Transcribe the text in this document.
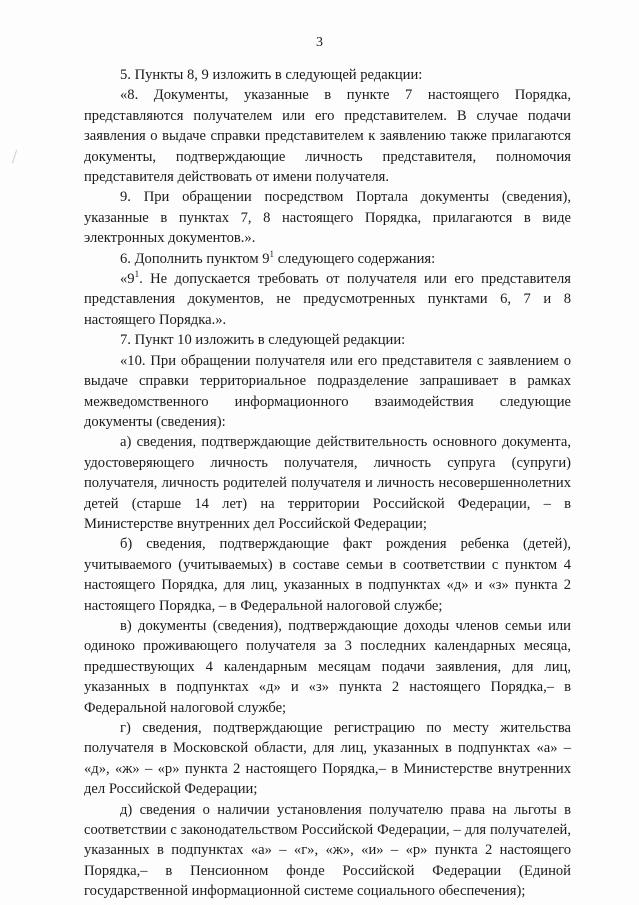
3

5. Пункты 8, 9 изложить в следующей редакции:

«8. Документы, указанные в пункте 7 настоящего Порядка, представляются получателем или его представителем. В случае подачи заявления о выдаче справки представителем к заявлению также прилагаются документы, подтверждающие личность представителя, полномочия представителя действовать от имени получателя.

9. При обращении посредством Портала документы (сведения), указанные в пунктах 7, 8 настоящего Порядка, прилагаются в виде электронных документов.».

6. Дополнить пунктом $9^1$ следующего содержания:

«$9^1$. Не допускается требовать от получателя или его представителя представления документов, не предусмотренных пунктами 6, 7 и 8 настоящего Порядка.».

7. Пункт 10 изложить в следующей редакции:

«10. При обращении получателя или его представителя с заявлением о выдаче справки территориальное подразделение запрашивает в рамках межведомственного информационного взаимодействия следующие документы (сведения):

а) сведения, подтверждающие действительность основного документа, удостоверяющего личность получателя, личность супруга (супруги) получателя, личность родителей получателя и личность несовершеннолетних детей (старше 14 лет) на территории Российской Федерации, – в Министерстве внутренних дел Российской Федерации;

б) сведения, подтверждающие факт рождения ребенка (детей), учитываемого (учитываемых) в составе семьи в соответствии с пунктом 4 настоящего Порядка, для лиц, указанных в подпунктах «д» и «з» пункта 2 настоящего Порядка, – в Федеральной налоговой службе;

в) документы (сведения), подтверждающие доходы членов семьи или одиноко проживающего получателя за 3 последних календарных месяца, предшествующих 4 календарным месяцам подачи заявления, для лиц, указанных в подпунктах «д» и «з» пункта 2 настоящего Порядка,– в Федеральной налоговой службе;

г) сведения, подтверждающие регистрацию по месту жительства получателя в Московской области, для лиц, указанных в подпунктах «а» – «д», «ж» – «р» пункта 2 настоящего Порядка,– в Министерстве внутренних дел Российской Федерации;

д) сведения о наличии установления получателю права на льготы в соответствии с законодательством Российской Федерации, – для получателей, указанных в подпунктах «а» – «г», «ж», «и» – «р» пункта 2 настоящего Порядка,– в Пенсионном фонде Российской Федерации (Единой государственной информационной системе социального обеспечения);
